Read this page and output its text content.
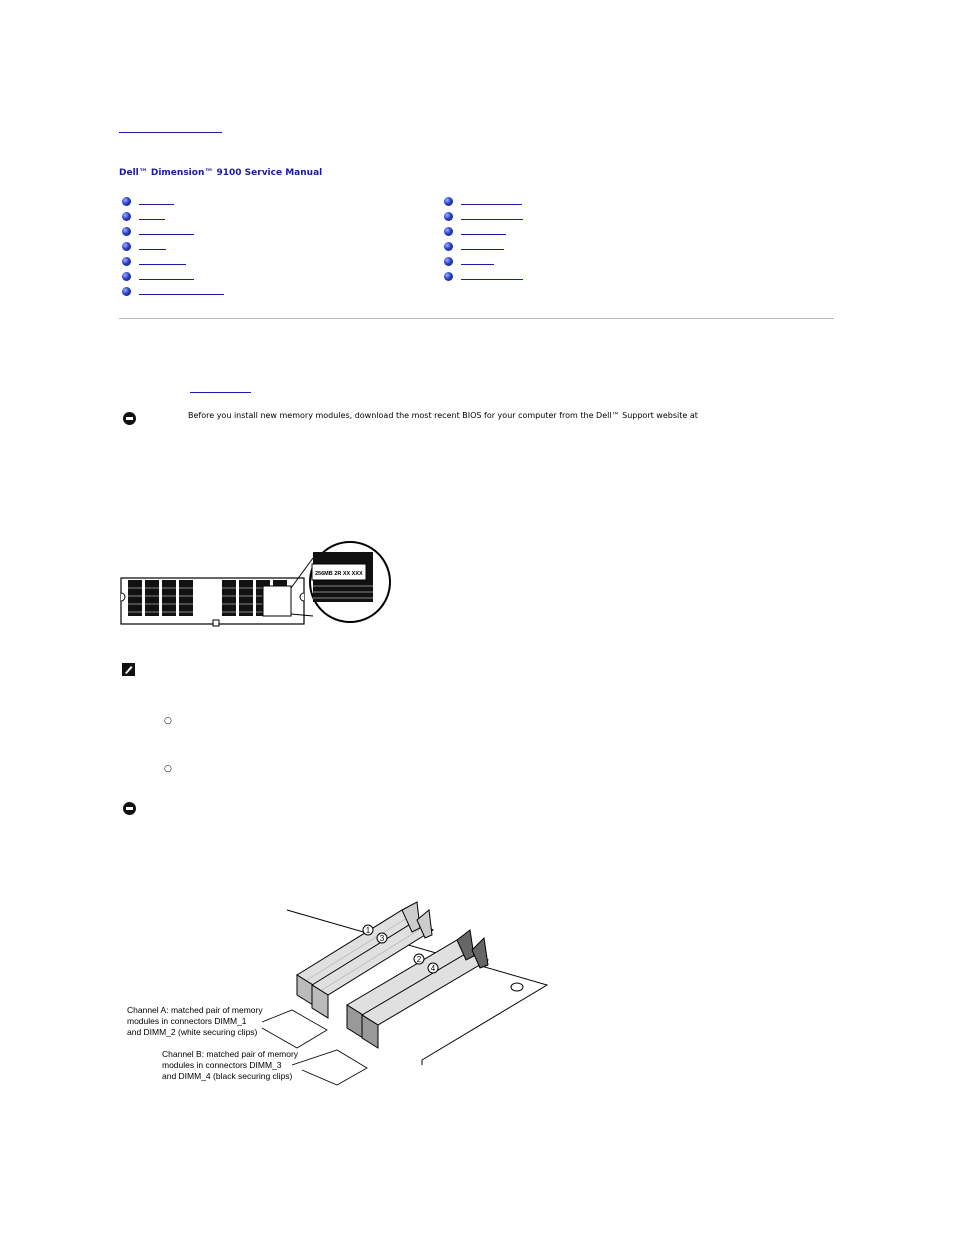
Dell™ Dimension™ 9100 Service Manual
Before you install new memory modules, download the most recent BIOS for your computer from the Dell™ Support website at
256MB 2R XX XXX
○
○
1
3
2
4
Channel A: matched pair of memory
modules in connectors DIMM_1
and DIMM_2 (white securing clips)
Channel B: matched pair of memory
modules in connectors DIMM_3
and DIMM_4 (black securing clips)
